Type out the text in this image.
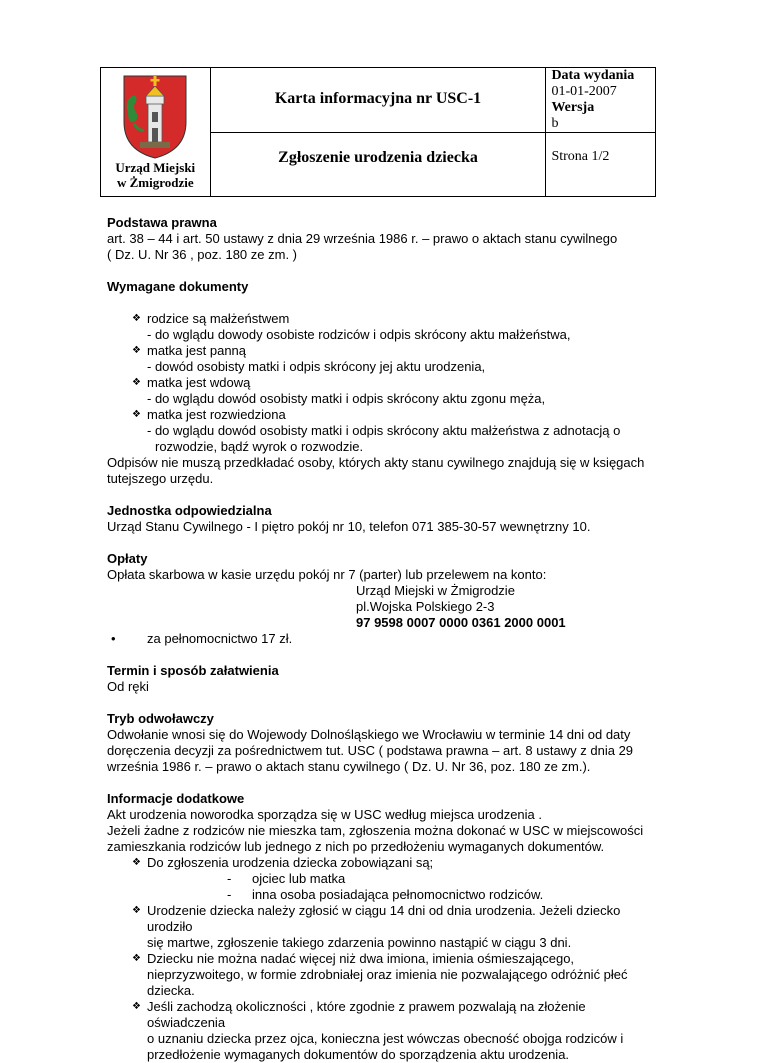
Urząd Miejski
w Żmigrodzie	Karta informacyjna nr USC-1	Data wydania
01-01-2007
Wersja
b

	Zgłoszenie urodzenia dziecka	Strona 1/2
Podstawa prawna

art. 38 – 44 i art. 50 ustawy z dnia 29 września 1986 r. – prawo o aktach stanu cywilnego

( Dz. U. Nr 36 , poz. 180 ze zm. )

Wymagane dokumenty
❖ rodzice są małżeństwem
- do wglądu dowody osobiste rodziców i odpis skrócony aktu małżeństwa,
❖ matka jest panną
- dowód osobisty matki i odpis skrócony jej aktu urodzenia,
❖ matka jest wdową
- do wglądu dowód osobisty matki i odpis skrócony aktu zgonu męża,
❖ matka jest rozwiedziona
- do wglądu dowód osobisty matki i odpis skrócony aktu małżeństwa z adnotacją o
rozwodzie, bądź wyrok o rozwodzie.

Odpisów nie muszą przedkładać osoby, których akty stanu cywilnego znajdują się w księgach

tutejszego urzędu.

Jednostka odpowiedzialna

Urząd Stanu Cywilnego - I piętro pokój nr 10, telefon 071 385-30-57 wewnętrzny 10.

Opłaty

Opłata skarbowa w kasie urzędu pokój nr 7 (parter) lub przelewem na konto:

Urząd Miejski w Żmigrodzie

pl.Wojska Polskiego 2-3

97 9598 0007 0000 0361 2000 0001

• za pełnomocnictwo 17 zł.
Termin i sposób załatwienia

Od ręki

Tryb odwoławczy

Odwołanie wnosi się do Wojewody Dolnośląskiego we Wrocławiu w terminie 14 dni od daty

doręczenia decyzji za pośrednictwem tut. USC ( podstawa prawna – art. 8 ustawy z dnia 29

września 1986 r. – prawo o aktach stanu cywilnego ( Dz. U. Nr 36, poz. 180 ze zm.).

Informacje dodatkowe

Akt urodzenia noworodka sporządza się w USC według miejsca urodzenia .

Jeżeli żadne z rodziców nie mieszka tam, zgłoszenia można dokonać w USC w miejscowości

zamieszkania rodziców lub jednego z nich po przedłożeniu wymaganych dokumentów.

❖ Do zgłoszenia urodzenia dziecka zobowiązani są;
- ojciec lub matka
- inna osoba posiadająca pełnomocnictwo rodziców.
❖ Urodzenie dziecka należy zgłosić w ciągu 14 dni od dnia urodzenia. Jeżeli dziecko urodziło
się martwe, zgłoszenie takiego zdarzenia powinno nastąpić w ciągu 3 dni.
❖ Dziecku nie można nadać więcej niż dwa imiona, imienia ośmieszającego,
nieprzyzwoitego, w formie zdrobniałej oraz imienia nie pozwalającego odróżnić płeć
dziecka.
❖ Jeśli zachodzą okoliczności , które zgodnie z prawem pozwalają na złożenie oświadczenia
o uznaniu dziecka przez ojca, konieczna jest wówczas obecność obojga rodziców i
przedłożenie wymaganych dokumentów do sporządzenia aktu urodzenia.
